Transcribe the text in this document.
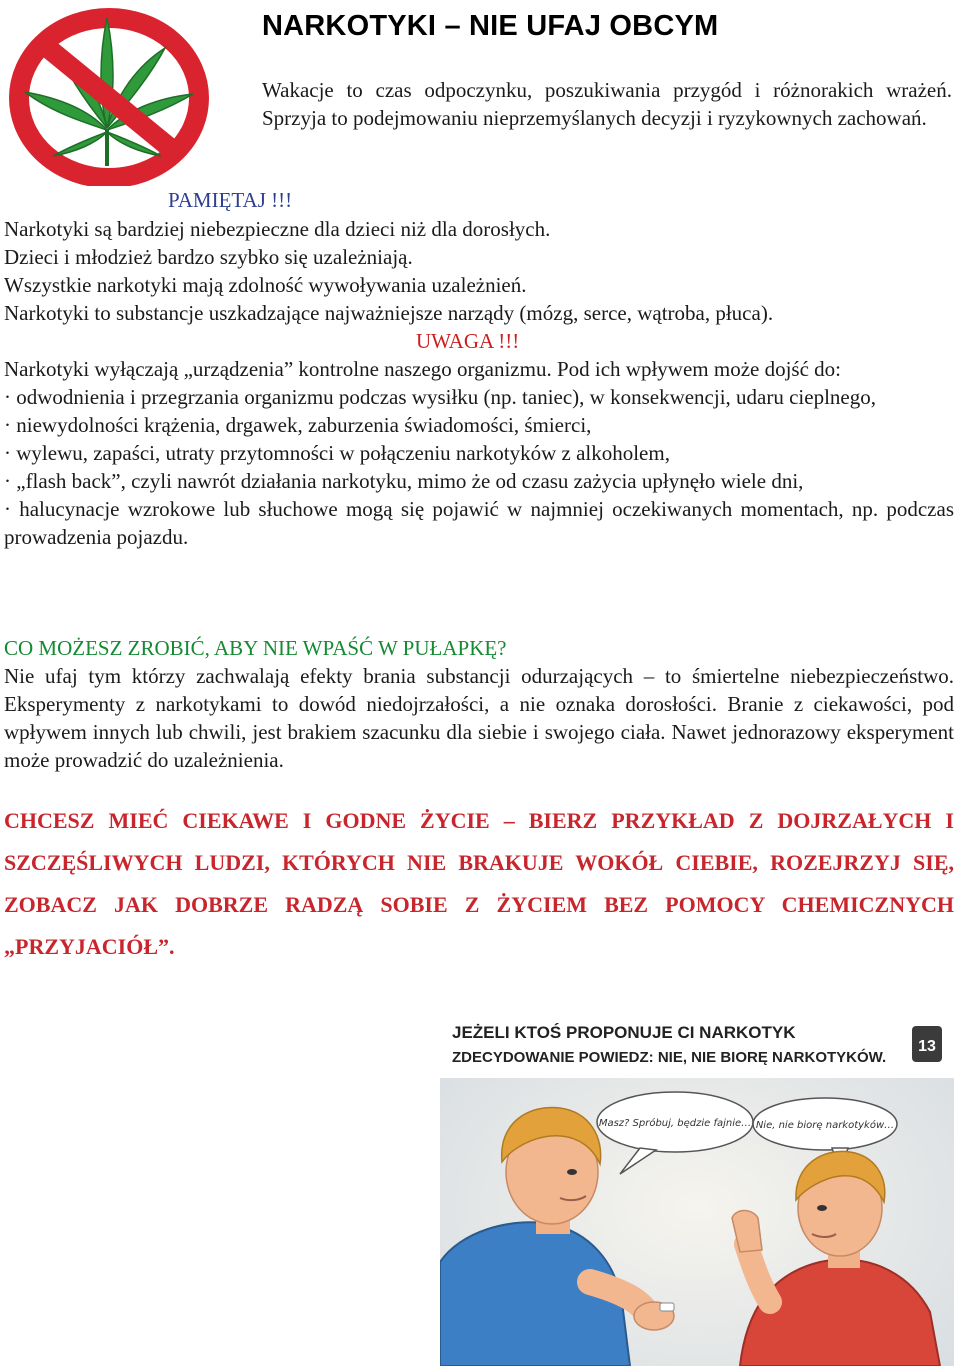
NARKOTYKI – NIE UFAJ OBCYM

Wakacje to czas odpoczynku, poszukiwania przygód i różnorakich wrażeń. Sprzyja to podejmowaniu nieprzemyślanych decyzji i ryzykownych zachowań.

PAMIĘTAJ !!!

Narkotyki są bardziej niebezpieczne dla dzieci niż dla dorosłych.

Dzieci i młodzież bardzo szybko się uzależniają.

Wszystkie narkotyki mają zdolność wywoływania uzależnień.

Narkotyki to substancje uszkadzające najważniejsze narządy (mózg, serce, wątroba, płuca).

UWAGA !!!

Narkotyki wyłączają „urządzenia” kontrolne naszego organizmu. Pod ich wpływem może dojść do:

· odwodnienia i przegrzania organizmu podczas wysiłku (np. taniec), w konsekwencji, udaru cieplnego,

· niewydolności krążenia, drgawek, zaburzenia świadomości, śmierci,

· wylewu, zapaści, utraty przytomności w połączeniu narkotyków z alkoholem,

· „flash back”, czyli nawrót działania narkotyku, mimo że od czasu zażycia upłynęło wiele dni,

· halucynacje wzrokowe lub słuchowe mogą się pojawić w najmniej oczekiwanych momentach, np. podczas prowadzenia pojazdu.

CO MOŻESZ ZROBIĆ, ABY NIE WPAŚĆ W PUŁAPKĘ?

Nie ufaj tym którzy zachwalają efekty brania substancji odurzających – to śmiertelne niebezpieczeństwo. Eksperymenty z narkotykami to dowód niedojrzałości, a nie oznaka dorosłości. Branie z ciekawości, pod wpływem innych lub chwili, jest brakiem szacunku dla siebie i swojego ciała. Nawet jednorazowy eksperyment może prowadzić do uzależnienia.

CHCESZ MIEĆ CIEKAWE I GODNE ŻYCIE – BIERZ PRZYKŁAD Z DOJRZAŁYCH I SZCZĘŚLIWYCH LUDZI, KTÓRYCH NIE BRAKUJE WOKÓŁ CIEBIE, ROZEJRZYJ SIĘ, ZOBACZ JAK DOBRZE RADZĄ SOBIE Z ŻYCIEM BEZ POMOCY CHEMICZNYCH „PRZYJACIÓŁ”.

JEŻELI KTOŚ PROPONUJE CI NARKOTYK
ZDECYDOWANIE POWIEDZ: NIE, NIE BIORĘ NARKOTYKÓW.
13
Masz? Spróbuj, będzie fajnie… Nie, nie biorę narkotyków…
